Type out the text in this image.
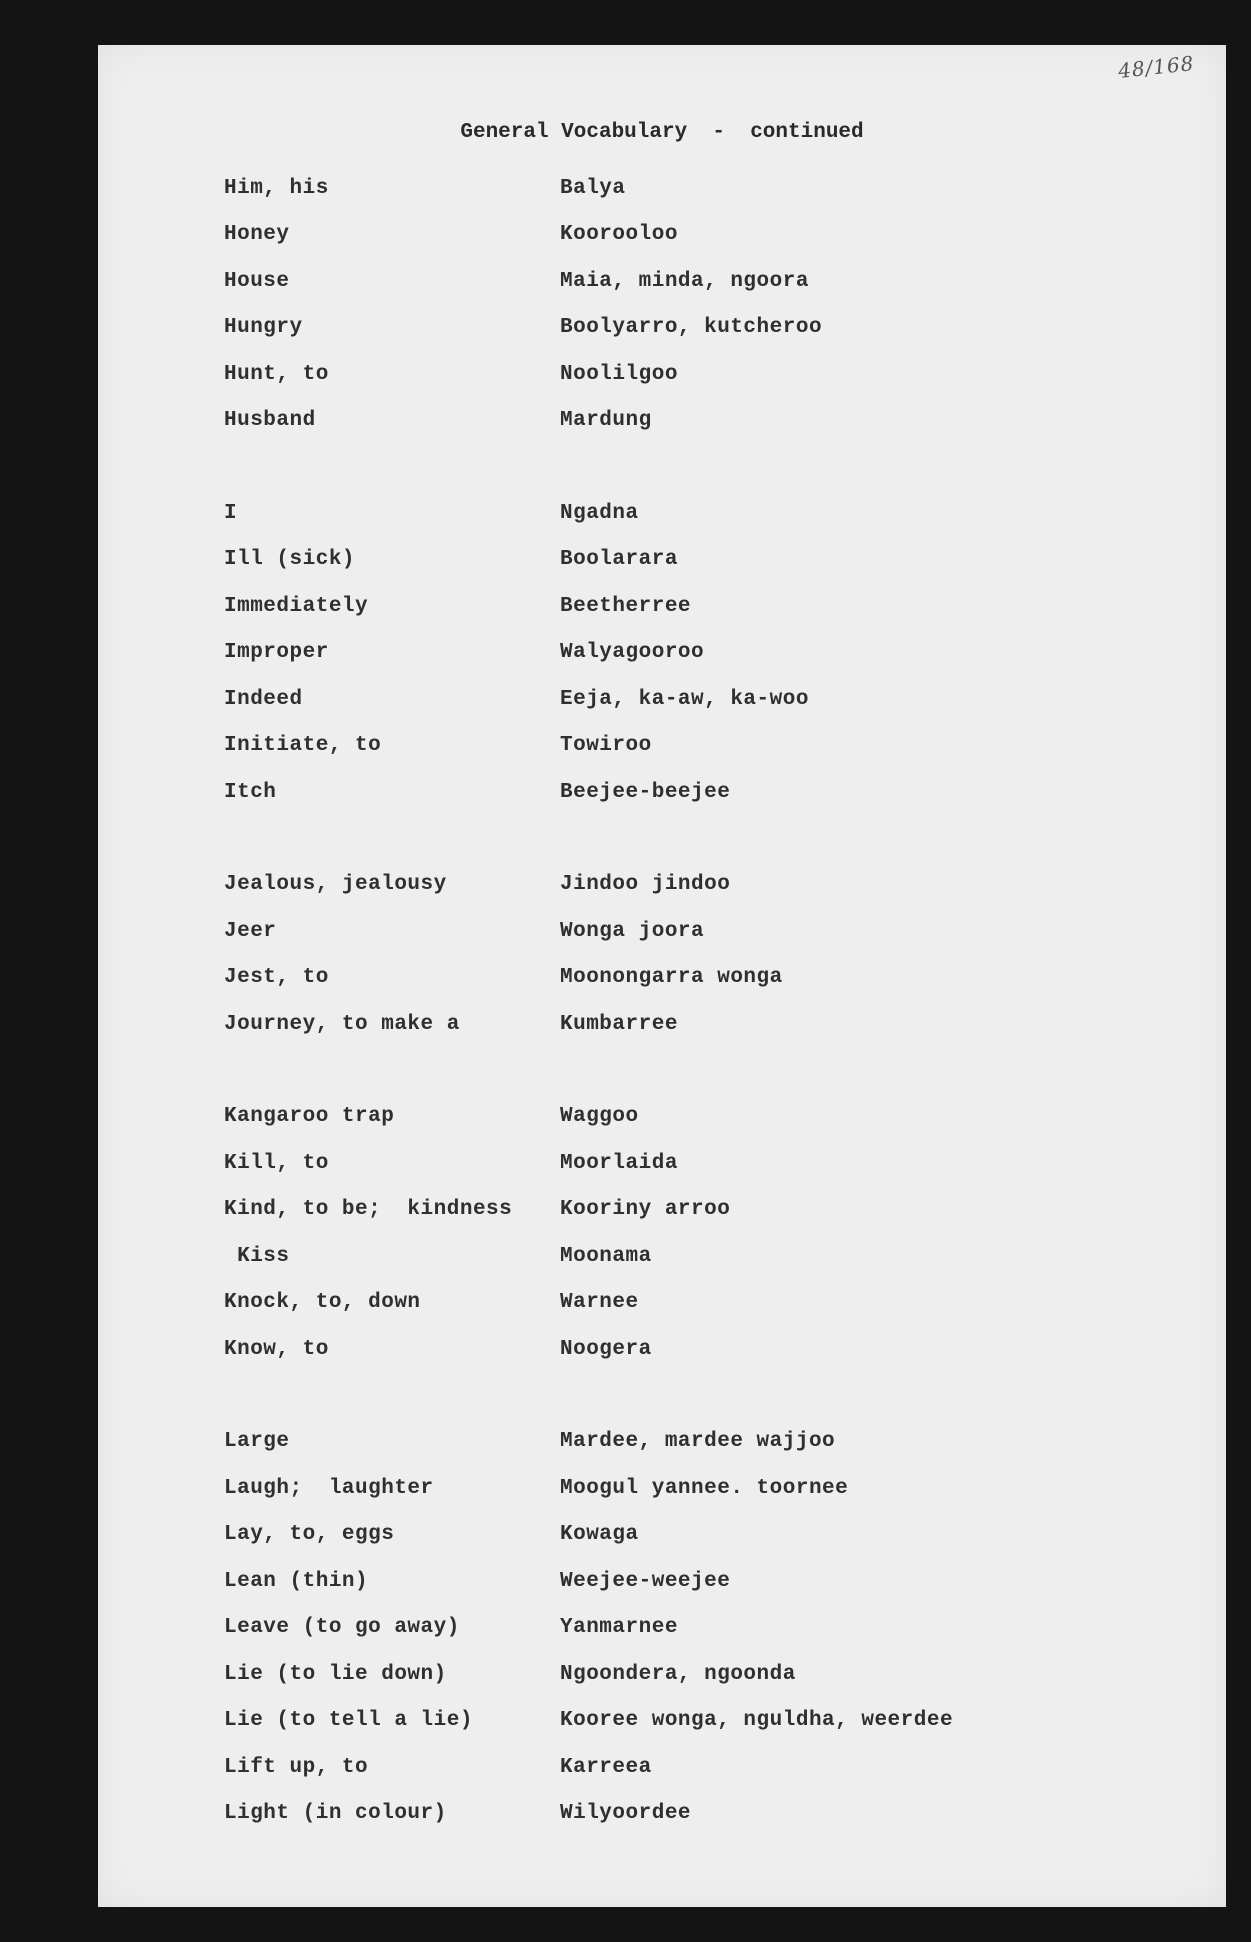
48/168
General Vocabulary  -  continued
Him, his	Balya
Honey	Koorooloo
House	Maia, minda, ngoora
Hungry	Boolyarro, kutcheroo
Hunt, to	Noolilgoo
Husband	Mardung
I	Ngadna
Ill (sick)	Boolarara
Immediately	Beetherree
Improper	Walyagooroo
Indeed	Eeja, ka-aw, ka-woo
Initiate, to	Towiroo
Itch	Beejee-beejee
Jealous, jealousy	Jindoo jindoo
Jeer	Wonga joora
Jest, to	Moonongarra wonga
Journey, to make a	Kumbarree
Kangaroo trap	Waggoo
Kill, to	Moorlaida
Kind, to be;  kindness	Kooriny arroo
Kiss	Moonama
Knock, to, down	Warnee
Know, to	Noogera
Large	Mardee, mardee wajjoo
Laugh;  laughter	Moogul yannee. toornee
Lay, to, eggs	Kowaga
Lean (thin)	Weejee-weejee
Leave (to go away)	Yanmarnee
Lie (to lie down)	Ngoondera, ngoonda
Lie (to tell a lie)	Kooree wonga, nguldha, weerdee
Lift up, to	Karreea
Light (in colour)	Wilyoordee
